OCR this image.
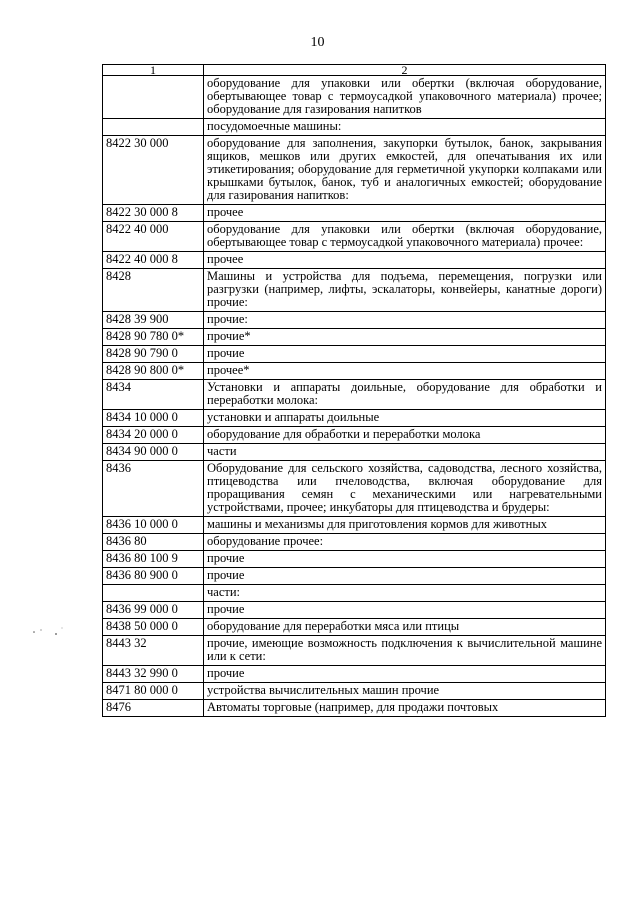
10
1	2
	оборудование для упаковки или обертки (включая оборудование, обертывающее товар с термоусадкой упаковочного материала) прочее; оборудование для газирования напитков
	посудомоечные машины:
8422 30 000	оборудование для заполнения, закупорки бутылок, банок, закрывания ящиков, мешков или других емкостей, для опечатывания их или этикетирования; оборудование для герметичной укупорки колпаками или крышками бутылок, банок, туб и аналогичных емкостей; оборудование для газирования напитков:
8422 30 000 8	прочее
8422 40 000	оборудование для упаковки или обертки (включая оборудование, обертывающее товар с термоусадкой упаковочного материала) прочее:
8422 40 000 8	прочее
8428	Машины и устройства для подъема, перемещения, погрузки или разгрузки (например, лифты, эскалаторы, конвейеры, канатные дороги) прочие:
8428 39 900	прочие:
8428 90 780 0*	прочие*
8428 90 790 0	прочие
8428 90 800 0*	прочее*
8434	Установки и аппараты доильные, оборудование для обработки и переработки молока:
8434 10 000 0	установки и аппараты доильные
8434 20 000 0	оборудование для обработки и переработки молока
8434 90 000 0	части
8436	Оборудование для сельского хозяйства, садоводства, лесного хозяйства, птицеводства или пчеловодства, включая оборудование для проращивания семян с механическими или нагревательными устройствами, прочее; инкубаторы для птицеводства и брудеры:
8436 10 000 0	машины и механизмы для приготовления кормов для животных
8436 80	оборудование прочее:
8436 80 100 9	прочие
8436 80 900 0	прочие
	части:
8436 99 000 0	прочие
8438 50 000 0	оборудование для переработки мяса или птицы
8443 32	прочие, имеющие возможность подключения к вычислительной машине или к сети:
8443 32 990 0	прочие
8471 80 000 0	устройства вычислительных машин прочие
8476	Автоматы торговые (например, для продажи почтовых
